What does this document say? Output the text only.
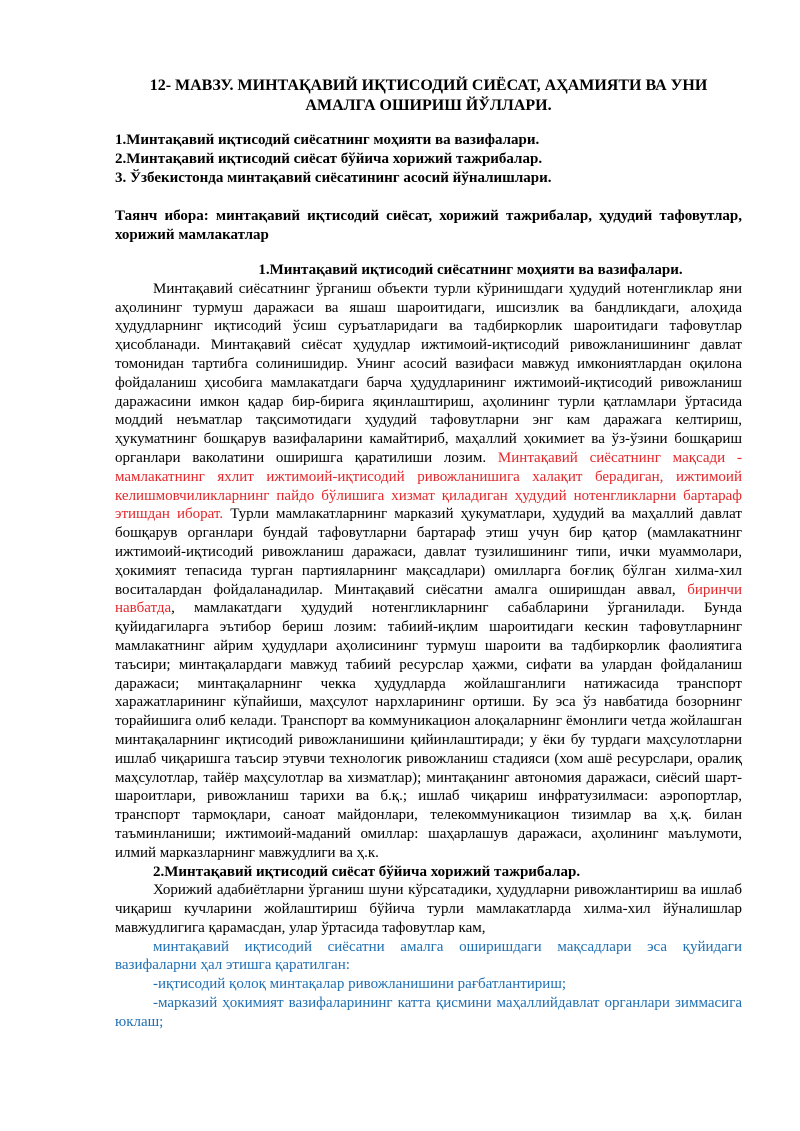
12- МАВЗУ. МИНТАҚАВИЙ ИҚТИСОДИЙ СИЁСАТ, АҲАМИЯТИ ВА УНИ АМАЛГА ОШИРИШ ЙЎЛЛАРИ.
1.Минтақавий иқтисодий сиёсатнинг моҳияти ва вазифалари.
2.Минтақавий иқтисодий сиёсат бўйича хорижий тажрибалар.
3. Ўзбекистонда минтақавий сиёсатининг асосий йўналишлари.
Таянч ибора: минтақавий иқтисодий сиёсат, хорижий тажрибалар, ҳудудий тафовутлар, хорижий мамлакатлар
1.Минтақавий иқтисодий сиёсатнинг моҳияти ва вазифалари.

Минтақавий сиёсатнинг ўрганиш объекти турли кўринишдаги ҳудудий нотенгликлар яни аҳолининг турмуш даражаси ва яшаш шароитидаги, ишсизлик ва бандликдаги, алоҳида ҳудудларнинг иқтисодий ўсиш суръатларидаги ва тадбиркорлик шароитидаги тафовутлар ҳисобланади. Минтақавий сиёсат ҳудудлар ижтимоий-иқтисодий ривожланишининг давлат томонидан тартибга солинишидир. Унинг асосий вазифаси мавжуд имкониятлардан оқилона фойдаланиш ҳисобига мамлакатдаги барча ҳудудларининг ижтимоий-иқтисодий ривожланиш даражасини имкон қадар бир-бирига яқинлаштириш, аҳолининг турли қатламлари ўртасида моддий неъматлар тақсимотидаги ҳудудий тафовутларни энг кам даражага келтириш, ҳукуматнинг бошқарув вазифаларини камайтириб, маҳаллий ҳокимиет ва ўз-ўзини бошқариш органлари ваколатини оширишга қаратилиши лозим. Минтақавий сиёсатнинг мақсади - мамлакатнинг яхлит ижтимоий-иқтисодий ривожланишига халақит берадиган, ижтимоий келишмовчиликларнинг пайдо бўлишига хизмат қиладиган ҳудудий нотенгликларни бартараф этишдан иборат. Турли мамлакатларнинг марказий ҳукуматлари, ҳудудий ва маҳаллий давлат бошқарув органлари бундай тафовутларни бартараф этиш учун бир қатор (мамлакатнинг ижтимоий-иқтисодий ривожланиш даражаси, давлат тузилишининг типи, ички муаммолари, ҳокимият тепасида турган партияларнинг мақсадлари) омилларга боғлиқ бўлган хилма-хил воситалардан фойдаланадилар. Минтақавий сиёсатни амалга оширишдан аввал, биринчи навбатда, мамлакатдаги ҳудудий нотенгликларнинг сабабларини ўрганилади. Бунда қуйидагиларга эътибор бериш лозим: табиий-иқлим шароитидаги кескин тафовутларнинг мамлакатнинг айрим ҳудудлари аҳолисининг турмуш шароити ва тадбиркорлик фаолиятига таъсири; минтақалардаги мавжуд табиий ресурслар ҳажми, сифати ва улардан фойдаланиш даражаси; минтақаларнинг чекка ҳудудларда жойлашганлиги натижасида транспорт харажатларининг кўпайиши, маҳсулот нархларининг ортиши. Бу эса ўз навбатида бозорнинг торайишига олиб келади. Транспорт ва коммуникацион алоқаларнинг ёмонлиги четда жойлашган минтақаларнинг иқтисодий ривожланишини қийинлаштиради; у ёки бу турдаги маҳсулотларни ишлаб чиқаришга таъсир этувчи технологик ривожланиш стадияси (хом ашё ресурслари, оралиқ маҳсулотлар, тайёр маҳсулотлар ва хизматлар); минтақанинг автономия даражаси, сиёсий шарт-шароитлари, ривожланиш тарихи ва б.қ.; ишлаб чиқариш инфратузилмаси: аэропортлар, транспорт тармоқлари, саноат майдонлари, телекоммуникацион тизимлар ва ҳ.қ. билан таъминланиши; ижтимоий-маданий омиллар: шаҳарлашув даражаси, аҳолининг маълумоти, илмий марказларнинг мавжудлиги ва ҳ.к.

2.Минтақавий иқтисодий сиёсат бўйича хорижий тажрибалар.

Хорижий адабиётларни ўрганиш шуни кўрсатадики, ҳудудларни ривожлантириш ва ишлаб чиқариш кучларини жойлаштириш бўйича турли мамлакатларда хилма-хил йўналишлар мавжудлигига қарамасдан, улар ўртасида тафовутлар кам,

минтақавий иқтисодий сиёсатни амалга оширишдаги мақсадлари эса қуйидаги вазифаларни ҳал этишга қаратилган:

-иқтисодий қолоқ минтақалар ривожланишини рағбатлантириш;

-марказий ҳокимият вазифаларининг катта қисмини маҳаллийдавлат органлари зиммасига юклаш;
